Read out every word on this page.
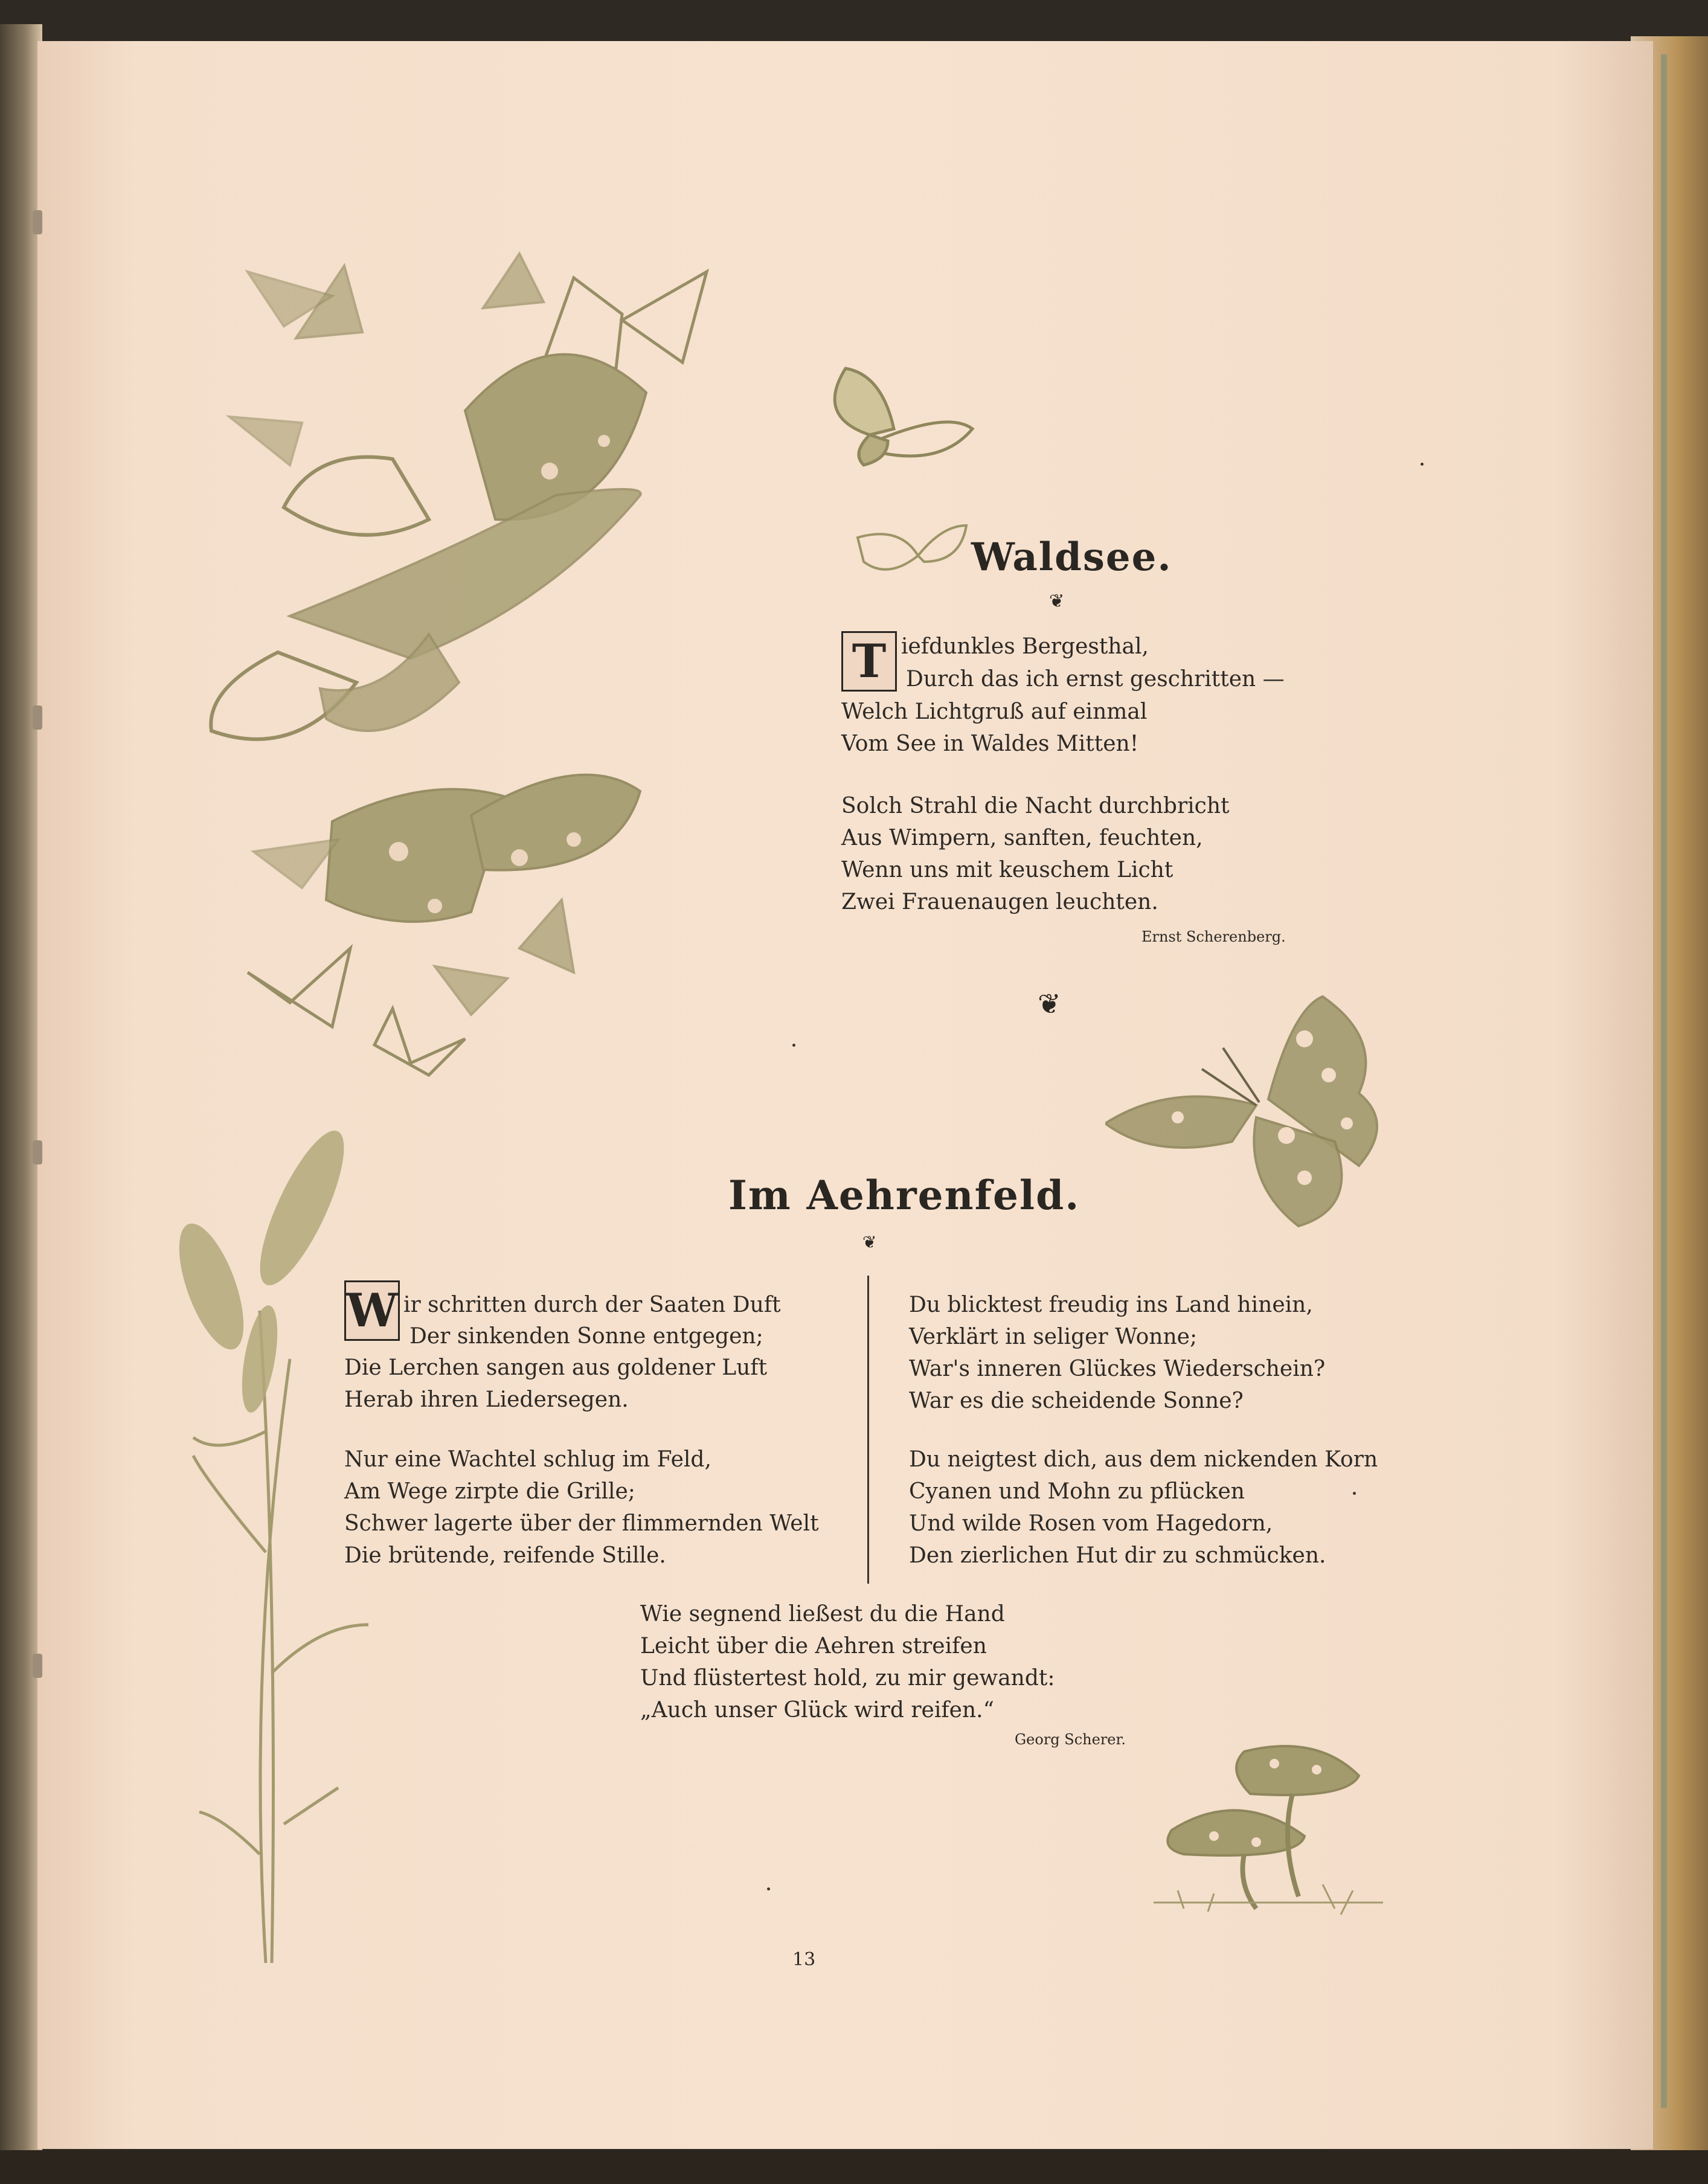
Waldsee.
❦
T iefdunkles Bergesthal,
Durch das ich ernst geschritten —
Welch Lichtgruß auf einmal
Vom See in Waldes Mitten!
Solch Strahl die Nacht durchbricht
Aus Wimpern, sanften, feuchten,
Wenn uns mit keuschem Licht
Zwei Frauenaugen leuchten.
Ernst Scherenberg.
❦
Im Aehrenfeld.
❦
W ir schritten durch der Saaten Duft
Der sinkenden Sonne entgegen;
Die Lerchen sangen aus goldener Luft
Herab ihren Liedersegen.
Nur eine Wachtel schlug im Feld,
Am Wege zirpte die Grille;
Schwer lagerte über der flimmernden Welt
Die brütende, reifende Stille.
Du blicktest freudig ins Land hinein,
Verklärt in seliger Wonne;
War's inneren Glückes Wiederschein?
War es die scheidende Sonne?
Du neigtest dich, aus dem nickenden Korn
Cyanen und Mohn zu pflücken
Und wilde Rosen vom Hagedorn,
Den zierlichen Hut dir zu schmücken.
Wie segnend ließest du die Hand
Leicht über die Aehren streifen
Und flüstertest hold, zu mir gewandt:
„Auch unser Glück wird reifen.“
Georg Scherer.
13
